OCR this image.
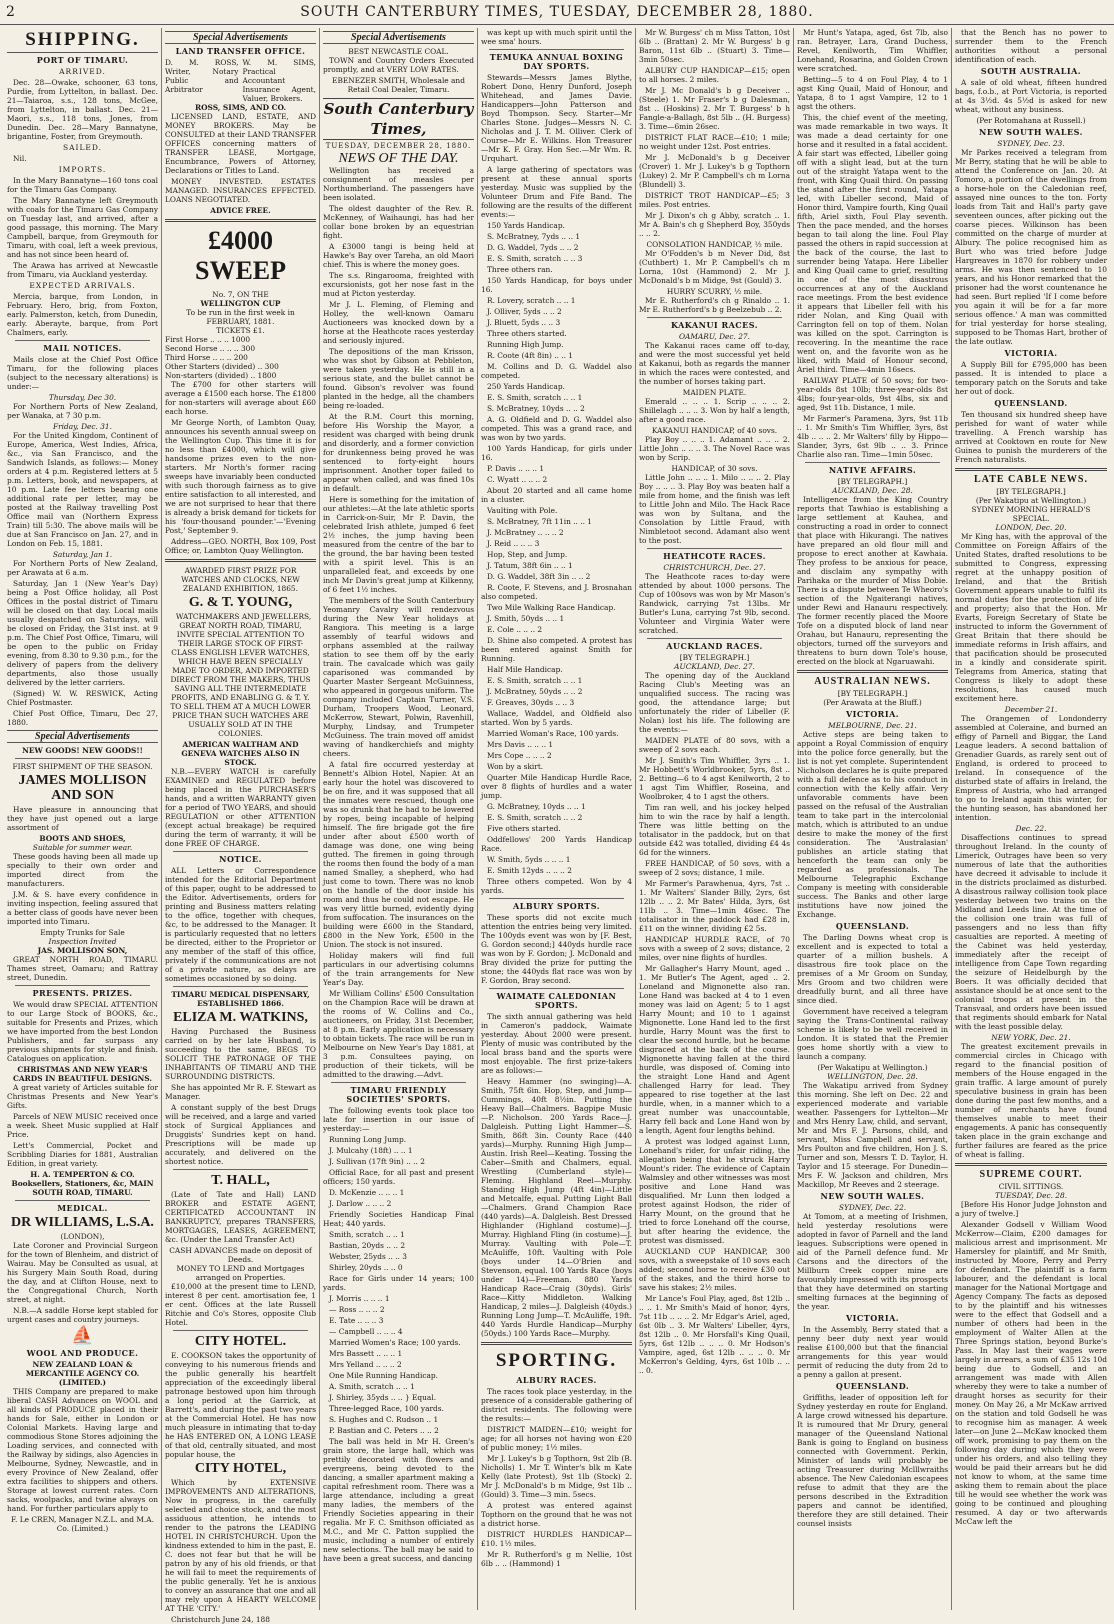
2	SOUTH CANTERBURY TIMES, TUESDAY, DECEMBER 28, 1880.
SHIPPING.
PORT OF TIMARU.
ARRIVED.

Dec. 28—Owake, schooner, 63 tons, Purdie, from Lyttelton, in ballast. Dec. 21—Taiaroa, s.s., 128 tons, McGee, from Lyttelton, in ballast. Dec. 21—Maori, s.s., 118 tons, Jones, from Dunedin. Dec. 28—Mary Bannatyne, brigantine, Foster, from Greymouth.

SAILED.

Nil.

IMPORTS.

In the Mary Bannatyne—160 tons coal for the Timaru Gas Company.

The Mary Bannatyne left Greymouth with coals for the Timaru Gas Company on Tuesday last, and arrived, after a good passage, this morning. The Mary Campbell, barque, from Greymouth for Timaru, with coal, left a week previous, and has not since been heard of.

The Arawa has arrived at Newcastle from Timaru, via Auckland yesterday.

EXPECTED ARRIVALS.

Mercia, barque, from London, in February. Hero, brig, from Foxton, early. Palmerston, ketch, from Dunedin, early. Aberayte, barque, from Port Chalmers, early.

MAIL NOTICES.

Mails close at the Chief Post Office Timaru, for the following places (subject to the necessary alterations) is under:—

Thursday, Dec 30.

For Northern Ports of New Zealand, per Wanaka, at 7 30 p.m.

Friday, Dec. 31.

For the United Kingdom, Continent of Europe, America, West Indies, Africa, &c., via San Francisco, and the Sandwich Islands, as follows:— Money orders at 4 p.m. Registered letters at 5 p.m. Letters, book, and newspapers, at 10 p.m. Late fee letters bearing one additional rate per letter, may be posted at the Railway travelling Post Office mail van (Northern Express Train) till 5:30. The above mails will be due at San Francisco on Jan. 27, and in London on Feb. 15, 1881.

Saturday, Jan 1.

For Northern Ports of New Zealand, per Arawata at 6 a.m.

Saturday, Jan 1 (New Year's Day) being a Post Office holiday, all Post Offices in the postal district of Timaru will be closed on that day. Local mails usually despatched on Saturdays, will be closed on Friday, the 31st inst. at 9 p.m. The Chief Post Office, Timaru, will be open to the public on Friday evening, from 8.30 to 9.30 p.m., for the delivery of papers from the delivery departments, also those usually delivered by the letter carriers.

(Signed) W. W. RESWICK, Acting Chief Postmaster.

Chief Post Office, Timaru, Dec 27, 1880.

Special Advertisements
NEW GOODS! NEW GOODS!!
FIRST SHIPMENT OF THE SEASON.
JAMES MOLLISON AND SON

Have pleasure in announcing that they have just opened out a large assortment of

BOOTS AND SHOES,
Suitable for summer wear.

These goods having been all made up specially to their own order and imported direct from the manufacturers.

J.M. & S. have every confidence in inviting inspection, feeling assured that a better class of goods have never been imported into Timaru.

Empty Trunks for Sale
Inspection Invited
JAS. MOLLISON SON,

GREAT NORTH ROAD, TIMARU. Thames street, Oamaru; and Rattray street, Dunedin.

PRESENTS. PRIZES.

We would draw SPECIAL ATTENTION to our Large Stock of BOOKS, &c., suitable for Presents and Prizes, which we have imported from the best London Publishers, and far surpass any previous shipments for style and finish. Catalogues on application.

CHRISTMAS AND NEW YEAR'S CARDS IN BEAUTIFUL DESIGNS.

A great variety of Articles suitable for Christmas Presents and New Year's Gifts.

Parcels of NEW MUSIC received once a week. Sheet Music supplied at Half Price.

Lett's Commercial, Pocket and Scribbling Diaries for 1881, Australian Edition, in great variety.

H. A. TEMPERTON & CO. Booksellers, Stationers, &c, MAIN SOUTH ROAD, TIMARU.
MEDICAL.
DR WILLIAMS, L.S.A.
(LONDON),

Late Coroner and Provincial Surgeon for the town of Blenheim, and district of Wairau. May be Consulted as usual, at his Surgery Main South Road, during the day, and at Clifton House, next to the Congregational Church, North street, at night.

N.B.—A saddle Horse kept stabled for urgent cases and country journeys.

⛵
WOOL AND PRODUCE.
NEW ZEALAND LOAN & MERCANTILE AGENCY CO. (LIMITED.)

THIS Company are prepared to make liberal CASH Advances on WOOL and all kinds of PRODUCE placed in their hands for Sale, either in London or Colonial Markets. Having large and commodious Stone Stores adjoining the Loading services, and connected with the Railway by sidings, also Agencies in Melbourne, Sydney, Newcastle, and in every Province of New Zealand, offer extra facilities to shippers and others. Storage at lowest current rates. Corn sacks, woolpacks, and twine always on hand. For further particulars apply to

F. Le CREN, Manager N.Z.L. and M.A. Co. (Limited.)
Special Advertisements
LAND TRANSFER OFFICE.
D. M. ROSS, Writer, Notary Public and Arbitrator
W. M. SIMS, Practical Accountant Insurance Agent, Valuer, Brokers.
ROSS, SIMS, AND CO.

LICENSED LAND, ESTATE, AND MONEY BROKERS. May be CONSULTED at their LAND TRANSFER OFFICES concerning matters of TRANSFER LEASE, Mortgage, Encumbrance, Powers of Attorney, Declarations or Titles to Land.

MONEY INVESTED. ESTATES MANAGED. INSURANCES EFFECTED. LOANS NEGOTIATED.

ADVICE FREE.
£4000 SWEEP
No. 7, ON THE
WELLINGTON CUP
To be run in the first week in FEBRUARY, 1881.
TICKETS £1.
First Horse .. .. .. 1000
Second Horse .. .. .. 300
Third Horse .. .. .. 200
Other Starters (divided) .. 300
Non-starters (divided) .. 1800

The £700 for other starters will average a £1500 each horse. The £1800 for non-starters will average about £60 each horse.

Mr George North, of Lambton Quay, announces his seventh annual sweep on the Wellington Cup. This time it is for no less than £4000, which will give handsome prizes even to the non-starters. Mr North's former racing sweeps have invariably been conducted with such thorough fairness as to give entire satisfaction to all interested, and we are not surprised to hear that there is already a brisk demand for tickets for his 'four-thousand pounder.'—'Evening Post,' September 9.

Address—GEO. NORTH, Box 109, Post Office; or, Lambton Quay Wellington.

AWARDED FIRST PRIZE FOR WATCHES AND CLOCKS, NEW ZEALAND EXHIBITION, 1865.
G. & T. YOUNG,

WATCHMAKERS AND JEWELLERS, GREAT NORTH ROAD, TIMARU, INVITE SPECIAL ATTENTION TO THEIR LARGE STOCK OF FIRST-CLASS ENGLISH LEVER WATCHES, WHICH HAVE BEEN SPECIALLY MADE TO ORDER, AND IMPORTED DIRECT FROM THE MAKERS, THUS SAVING ALL THE INTERMEDIATE PROFITS, AND ENABLING G. & T. Y. TO SELL THEM AT A MUCH LOWER PRICE THAN SUCH WATCHES ARE USUALLY SOLD AT IN THE COLONIES.

AMERICAN WALTHAM AND GENEVA WATCHES ALSO IN STOCK.

N.B.—EVERY WATCH is carefully EXAMINED and REGULATED before being placed in the PURCHASER'S hands, and a written WARRANTY given for a period of TWO YEARS, and should REGULATION or other ATTENTION (except actual breakage) be required during the term of warranty, it will be done FREE OF CHARGE.

NOTICE.

ALL Letters or Correspondence intended for the Editorial Department of this paper, ought to be addressed to the Editor. Advertisements, orders for printing and Business matters relating to the office, together with cheques, &c, to be addressed to the Manager. It is particularly requested that no letters be directed, either to the Proprietor or any member of the staff of this office, privately if the communications are not of a private nature, as delays are sometimes occasioned by so doing.

TIMARU MEDICAL DISPENSARY, ESTABLISHED 1866.
ELIZA M. WATKINS,

Having Purchased the Business carried on by her late Husband, is succeeding to the same, BEGS TO SOLICIT THE PATRONAGE OF THE INHABITANTS OF TIMARU AND THE SURROUNDING DISTRICTS.

She has appointed Mr R. F. Stewart as Manager.

A constant supply of the best Drugs will be received, and a large and varied stock of Surgical Appliances and Druggists' Sundries kept on hand. Prescriptions will be made up accurately, and delivered on the shortest notice.

T. HALL,

(Late of Tate and Hall) LAND BROKER and ESTATE AGENT, CERTIFICATED ACCOUNTANT IN BANKRUPTCY, prepares TRANSFERS, MORTGAGES, LEASES, AGREEMENT, &c. (Under the Land Transfer Act)

CASH ADVANCES made on deposit of Deeds.
MONEY TO LEND and Mortgages arranged on Properties.

£10,000 at the present time to LEND, interest 8 per cent. amortisation fee, 1 er cent. Offices at the late Russell Ritchie and Co's Stores, opposite Club Hotel.

CITY HOTEL.

E. COOKSON takes the opportunity of conveying to his numerous friends and the public generally his heartfelt appreciation of the exceedingly liberal patronage bestowed upon him through a long period at the Garrick, at Barrett's, and during the past two years at the Commercial Hotel. He has now much pleasure in intimating that to-day he HAS ENTERED ON, A LONG LEASE of that old, centrally situated, and most popular house, the

CITY HOTEL,

Which by EXTENSIVE IMPROVEMENTS AND ALTERATIONS, Now in progress, in the carefully selected and choice stock, and the most assiduous attention, he intends to render to the patrons the LEADING HOTEL IN CHRISTCHURCH. Upon the kindness extended to him in the past, E. C. does not fear but that he will be patron by any of his old friends, or that he will fail to meet the requirements of the public generally. Yet he is anxious to convey an assurance that one and all may rely upon A HEARTY WELCOME AT THE 'CITY.'

Christchurch June 24, 188

Special Advertisements
BEST NEWCASTLE COAL.

TOWN and Country Orders Executed promptly, and at VERY LOW RATES.

EBENEZER SMITH, Wholesale and Retail Coal Dealer, Timaru.
South Canterbury Times,
TUESDAY, DECEMBER 28, 1880.
NEWS OF THE DAY.

Wellington has received a consignment of measles per Northumberland. The passengers have been isolated.

The oldest daughter of the Rev. R. McKenney, of Waihaungi, has had her collar bone broken by an equestrian fight.

A £3000 tangi is being held at Hawke's Bay over Tareha, an old Maori chief. This is where the money goes.

The s.s. Ringarooma, freighted with excursionists, got her nose fast in the mud at Picton yesterday.

Mr J. L. Fleming, of Fleming and Holley, the well-known Oamaru Auctioneers was knocked down by a horse at the Heathcote races yesterday and seriously injured.

The depositions of the man Krisson, who was shot by Gibson at Pebbleton, were taken yesterday. He is still in a serious state, and the bullet cannot be found. Gibson's revolver was found planted in the hedge, all the chambers being re-loaded.

At the R.M. Court this morning, before His Worship the Mayor, a resident was charged with being drunk and disorderly, and a former conviction for drunkenness being proved he was sentenced to forty-eight hours imprisonment. Another toper failed to appear when called, and was fined 10s in default.

Here is something for the imitation of our athletes:—At the late athletic sports in Carrick-on-Suir, Mr P. Davin, the celebrated Irish athlete, jumped 6 feet 2½ inches, the jump having been measured from the centre of the bar to the ground, the bar having been tested with a spirit level. This is an unparalleled feat, and exceeds by one inch Mr Davin's great jump at Kilkenny, of 6 feet 1½ inches.

The members of the South Canterbury Yeomanry Cavalry will rendezvous during the New Year holidays at Rangiora. This meeting is a large assembly of tearful widows and orphans assembled at the railway station to see them off by the early train. The cavalcade which was gaily caparisoned was commanded by Quarter Master Sergeant McGuinness, who appeared in gorgeous uniform. The company included Captain Turner, V.S. Durham, Troopers Wood, Leonard, McKerrow, Stewart, Polwin, Ravenhill, Murphy, Lindsay, and Trumpeter McGuiness. The train moved off amidst waving of handkerchiefs and mighty cheers.

A fatal fire occurred yesterday at Bennett's Albion Hotel, Napier. At an early hour the hotel was discovered to be on fire, and it was supposed that all the inmates were rescued, though one was so drunk that he had to be lowered by ropes, being incapable of helping himself. The fire brigade got the fire under after about £500 worth of damage was done, one wing being gutted. The firemen in going through the rooms then found the body of a man named Smalley, a shepherd, who had just come to town. There was no knob on the handle of the door inside his room and thus he could not escape. He was very little burned, evidently dying from suffocation. The insurances on the building were £600 in the Standard, £800 in the New York, £500 in the Union. The stock is not insured.

Holiday makers will find full particulars in our advertising columns of the train arrangements for New Year's Day.

Mr William Collins' £500 Consultation on the Champion Race will be drawn at the rooms of W. Collins and Co., auctioneers, on Friday, 31st December, at 8 p.m. Early application is necessary to obtain tickets. The race will be run in Melbourne on New Year's Day 1881, at 3 p.m. Consultees paying, on production of their tickets, will be admitted to the drawing.—Advt.

TIMARU FRIENDLY SOCIETIES' SPORTS.

The following events took place too late for insertion in our issue of yesterday:—

Running Long Jump.

J. Mulcahy (18ft) .. .. 1

J. Sullivan (17ft 9in) .. .. 2

Official Race, for all past and present officers; 150 yards.

D. McKenzie .. .. .. 1

J. Darlow .. .. .. 2

Friendly Societies Handicap Final Heat; 440 yards.

Smith, scratch .. .. 1

Bastian, 20yds .. .. 2

Webster, 25yds .. .. 3

Shirley, 20yds .. .. 0

Race for Girls under 14 years; 100 yards.

J. Morris .. .. .. 1

— Ross .. .. .. 2

E. Tate .. .. .. 3

— Campbell .. .. .. 4

Married Women's Race; 100 yards.

Mrs Bassett .. .. .. 1

Mrs Yelland .. .. .. 2

One Mile Running Handicap.

A. Smith, scratch .. .. 1

J. Shirley, 35yds .. .. } Equal.

Three-legged Race, 100 yards.

S. Hughes and C. Rudson .. 1

P. Bastian and C. Peters .. .. 2

The ball was held in Mr H. Green's grain store, the large hall, which was prettily decorated with flowers and evergreens, being devoted to the dancing, a smaller apartment making a capital refreshment room. There was a large attendance, including a great many ladies, the members of the Friendly Societies appearing in their regalia. Mr F. C. Smithson officiated as M.C., and Mr C. Patton supplied the music, including a number of entirely new selections. The ball may be said to have been a great success, and dancing

was kept up with much spirit until the wee sma' hours.

TEMUKA ANNUAL BOXING DAY SPORTS.

Stewards—Messrs James Blythe, Robert Dono, Henry Dunford, Joseph Whitehead, and James Davie. Handicappers—John Patterson and Boyd Thompson. Secy. Starter—Mr Charles Stone. Judges—Messrs N. C. Nicholas and J. T. M. Olliver. Clerk of Course—Mr E. Wilkins. Hon Treasurer—Mr K. F. Gray. Hon Sec.—Mr Wm. R. Urquhart.

A large gathering of spectators was present at these annual sports yesterday. Music was supplied by the Volunteer Drum and Fife Band. The following are the results of the different events:—

150 Yards Handicap.

S. McBratney, 7yds .. .. 1

D. G. Waddel, 7yds .. .. 2

E. S. Smith, scratch .. .. 3

Three others ran.

150 Yards Handicap, for boys under 16.

R. Lovery, scratch .. .. 1

J. Olliver, 5yds .. .. 2

J. Bluett, 5yds .. .. 3

Three others started.

Running High Jump.

R. Coote (4ft 8in) .. .. 1

M. Collins and D. G. Waddel also competed.

250 Yards Handicap.

E. S. Smith, scratch .. .. 1

S. McBratney, 10yds .. .. 2

A. G. Oldfield and D. G. Waddel also competed. This was a grand race, and was won by two yards.

100 Yards Handicap, for girls under 16.

P. Davis .. .. .. 1

C. Wyatt .. .. .. 2

About 20 started and all came home in a cluster.

Vaulting with Pole.

S. McBratney, 7ft 11in .. .. 1

J. McBratney .. .. .. 2

J. Reid .. .. .. 3

Hop, Step, and Jump.

J. Tatum, 38ft 6in .. .. 1

D. G. Waddel, 38ft 3in .. .. 2

R. Coote, F. Stevens, and J. Brosnahan also competed.

Two Mile Walking Race Handicap.

J. Smith, 50yds .. .. 1

E. Cole .. .. .. 2

D. Shine also competed. A protest has been entered against Smith for Running.

Half Mile Handicap.

E. S. Smith, scratch .. .. 1

J. McBratney, 50yds .. .. 2

F. Greaves, 30yds .. .. 3

Wallace, Waddel, and Oldfield also started. Won by 5 yards.

Married Woman's Race, 100 yards.

Mrs Davis .. .. .. 1

Mrs Cope .. .. .. 2

Won by a skirt.

Quarter Mile Handicap Hurdle Race, over 8 flights of hurdles and a water jump.

G. McBratney, 10yds .. .. 1

E. S. Smith, scratch .. .. 2

Five others started.

Oddfellows' 200 Yards Handicap Race.

W. Smith, 5yds .. .. .. 1

E. Smith 12yds .. .. .. 2

Three others competed. Won by 4 yards.

ALBURY SPORTS.

These sports did not excite much attention the entries being very limited. The 100yds event was won by [F. Best, G. Gordon second;] 440yds hurdle race was won by F. Gordon; J. McDonald and Bray divided the prize for putting the stone; the 440yds flat race was won by F. Gordon, Bray second.

WAIMATE CALEDONIAN SPORTS.

The sixth annual gathering was held in Cameron's paddock, Waimate yesterday. About 2000 were present. Plenty of music was contributed by the local brass band and the sports were most enjoyable. The first prize-takers are as follows:—

Heavy Hammer (no swinging)—A. Smith, 75ft 6in. Hop, Step, and Jump—Cummings, 40ft 8½in. Putting the Heavy Ball—Chalmers. Bagpipe Music—P. Nicholson. 200 Yards Race—J. Dalgleish. Putting Light Hammer—S. Smith, 86ft 3in. County Race (440 yards)—Murphy. Running High Jump—Austin. Irish Reel—Keating. Tossing the Caber—Smith and Chalmers, equal. Wrestling (Cumberland style)—Fleming. Highland Reel—Murphy. Standing High Jump (4ft 4in)—Little and Metcalfe, equal. Putting Light Ball—Chalmers. Grand Champion Race (440 yards)—A. Dalgleish. Best Dressed Highlander (Highland costume)—J. Murray. Highland Fling (in costume)—J. Murray. Vaulting with Pole—T. McAuliffe, 10ft. Vaulting with Pole (boys under 14—O'Brien and Stevenson, equal. 100 Yards Race (boys under 14)—Freeman. 880 Yards Handicap Race—Craig (30yds). Girls' Race—Kitty Middleton. Walking Handicap, 2 miles—J. Dalgleish (40yds.) Running Long Jump—T. McAuliffe, 19ft. 440 Yards Hurdle Handicap—Murphy (50yds.) 100 Yards Race—Murphy.

SPORTING.
ALBURY RACES.

The races took place yesterday, in the presence of a considerable gathering of district residents. The following were the results:—

DISTRICT MAIDEN—£10; weight for age; for all horses not having won £20 of public money; 1½ miles.

Mr J. Lukey's b g Topthorn, 9st 2lb (B. Nicholls) 1. Mr T. Winter's blk m Kate Kelly (late Protest), 9st 1lb (Stock) 2. Mr J. McDonald's b m Midge, 9st 1lb .. (Gould) 3. Time—3 min. 5secs.

A protest was entered against Topthorn on the ground that he was not a district horse.

DISTRICT HURDLES HANDICAP—£10. 1½ miles.

Mr R. Rutherford's g m Nellie, 10st 6lb .. .. (Hammond) 1

Mr W. Burgess' ch m Miss Tatton, 10st 6lb .. (Brattan) 2. Mr W. Burgess' b g Baron, 11st 6lb .. (Stuart) 3. Time—3min 50sec.

ALBURY CUP HANDICAP—£15; open to all horses. 2 miles.

Mr J. Mc Donald's b g Deceiver .. (Steele) 1. Mr Fraser's b g Dalesman, 8st .. (Hoskins) 2. Mr T. Burgess' b h Fangle-a-Ballagh, 8st 5lb .. (H. Burgess) 3. Time—6min 26sec.

DISTRICT FLAT RACE—£10; 1 mile; no weight under 12st. Post entries.

Mr J. McDonald's b g Deceiver (Crover) 1. Mr J. Lukey's b g Topthorn (Lukey) 2. Mr P. Campbell's ch m Lorna (Blundell) 3.

DISTRICT TROT HANDICAP—£5; 3 miles. Post entries.

Mr J. Dixon's ch g Abby, scratch .. 1. Mr A. Bain's ch g Shepherd Boy, 350yds .. .. 2.

CONSOLATION HANDICAP, ½ mile.

Mr O'Fodden's b m Never Did, 8st (Cuthbert) 1. Mr P. Campbell's ch m Lorna, 10st (Hammond) 2. Mr J. McDonald's b m Midge, 9st (Gould) 3.

HURRY SCURRY, ½ mile.

Mr E. Rutherford's ch g Rinaldo .. 1. Mr E. Rutherford's b g Beelzebub .. 2.

KAKANUI RACES.
OAMARU, Dec. 27.

The Kakanui races came off to-day, and were the most successful yet held at Kakanui, both as regards the manner in which the races were contested, and the number of horses taking part.

MAIDEN PLATE.

Emerald .. .. .. 1. Scrip .. .. .. 2. Shillelagh .. .. .. 3. Won by half a length, after a good race.

KAKANUI HANDICAP, of 40 sovs.

Play Boy .. .. .. 1. Adamant .. .. .. 2. Little John .. .. .. 3. The Novel Race was won by Scrip.

HANDICAP, of 30 sovs.

Little John .. .. .. 1. Milo .. .. .. 2. Play Boy .. .. .. 3. Play Boy was beaten half a mile from home, and the finish was left to Little John and Milo. The Hack Race was won by Sultana, and the Consolation by Little Fraud, with Nimbletoot second. Adamant also went to the post.

HEATHCOTE RACES.
CHRISTCHURCH, Dec. 27.

The Heathcote races to-day were attended by about 1000 persons. The Cup of 100sovs was won by Mr Mason's Randwick, carrying 7st 13lbs. Mr Butler's Luna, carrying 7st 9lb, second. Volunteer and Virginia Water were scratched.

AUCKLAND RACES.
[BY TELEGRAPH.]
AUCKLAND, Dec. 27.

The opening day of the Auckland Racing Club's Meeting was an unqualified success. The racing was good, the attendance large; but unfortunately the rider of Libeller (F. Nolan) lost his life. The following are the events:—

MAIDEN PLATE of 80 sovs, with a sweep of 2 sovs each.

Mr J. Smith's Tim Whiffler, 3yrs .. 1. Mr Hobbett's Worldbrooker, 5yrs, 8st .. 2. Betting—6 to 4 agst Kenilworth, 2 to 1 agst Tim Whiffler, Roseina, and Woolbroker, 4 to 1 agst the others.

Tim ran well, and his jockey helped him to win the race by half a length. There was little betting on the totalisator in the paddock, but on that outside £42 was totalled, dividing £4 4s 6d for the winners.

FREE HANDICAP, of 50 sovs, with a sweep of 2 sovs; distance, 1 mile.

Mr Farmer's Parawhenua, 4yrs, 7st .. 1. Mr Walters' Slander Billy, 2yrs, 6st 12lb .. .. 2. Mr Bates' Hilda, 3yrs, 6st 11lb .. 3. Time—1min 46sec. The totalisator in the paddock had £28 in, £11 on the winner, dividing £2 5s.

HANDICAP HURDLE RACE, of 70 sovs with a sweep of 2 sovs; distance, 2 miles, over nine flights of hurdles.

Mr Gallagher's Harry Mount, aged .. 1. Mr Butler's The Agent, aged .. 2. Loneland and Mignonette also ran. Lone Hand was backed at 4 to 1 even money was laid on Agent; 5 to 1 agst Harry Mount; and 10 to 1 against Mignonette. Lone Hand led to the first hurdle, Harry Mount was the first to clear the second hurdle, but he became disgraced at the back of the course. Mignonette having fallen at the third hurdle, was disposed of. Coming into the straight Lone Hand and Agent challenged Harry for lead. They appeared to rise together at the last hurdle, when, in a manner which to a great number was unaccountable, Harry fell back and Lone Hand won by a length, Agent four lengths behind.

A protest was lodged against Lunn, Lonehand's rider, for unfair riding, the allegation being that he struck Harry Mount's rider. The evidence of Captain Walmsley and other witnesses was most positive and Lone Hand was disqualified. Mr Lunn then lodged a protest against Hodson, the rider of Harry Mount, on the ground that he tried to force Lonehand off the course, but after hearing the evidence, the protest was dismissed.

AUCKLAND CUP HANDICAP, 300 sovs, with a sweepstake of 10 sovs each added; second horse to receive £30 out of the stakes, and the third horse to save his stakes; 2½ miles.

Mr Lance's Foul Play, aged, 8st 12lb .. .. .. 1. Mr Smith's Maid of honor, 4yrs, 7st 11b .. .. .. 2. Mr Edgar's Ariel, aged, 6st 0lb .. 3. Mr Walters' Libeller, 4yrs, 8st 12lb .. 0. Mr Horsfall's King Quail, 5yrs, 6st 12lb .. .. .. 0. Mr Hodson's Vampire, aged, 6st 12lb .. .. .. 0. Mr McKerron's Gelding, 4yrs, 6st 10lb .. .. .. 0.

Mr Hunt's Yatapa, aged, 6st 7lb, also ran. Betrayer, Lara, Grand Duchess, Revel, Kenilworth, Tim Whiffler, Lonehand, Rosarina, and Golden Crown were scratched.

Betting—5 to 4 on Foul Play, 4 to 1 agst King Quail, Maid of Honour, and Yatapa, 8 to 1 agst Vampire, 12 to 1 agst the others.

This, the chief event of the meeting, was made remarkable in two ways. It was made a dead certainty for one horse and it resulted in a fatal accident. A fair start was effected, Libeller going off with a slight lead, but at the turn out of the straight Yatapa went to the front, with King Quail third. On passing the stand after the first round, Yatapa led, with Libeller second, Maid of Honor third, Vampire fourth, King Quail fifth, Ariel sixth, Foul Play seventh. Then the pace mended, and the horses began to tail along the line. Foul Play passed the others in rapid succession at the back of the course, the last to surrender being Yatapa. Here Libeller and King Quail came to grief, resulting in one of the most disastrous occurrences at any of the Auckland race meetings. From the best evidence it appears that Libeller fell with his rider Nolan, and King Quail with Carrington fell on top of them. Nolan was killed on the spot. Carrington is recovering. In the meantime the race went on, and the favorite won as he liked, with Maid of Honour second, Ariel third. Time—4min 16secs.

RAILWAY PLATE of 50 sovs; for two-year-olds 8st 10lb; three-year-olds 8st 4lbs; four-year-olds, 9st 4lbs, six and aged, 9st 11b. Distance, 1 mile.

Mr Farmer's Paramena, 3yrs, 9st 11b .. 1. Mr Smith's Tim Whiffler, 3yrs, 8st 4lb .. .. .. 2. Mr Walters' filly by Hippo—Slander, 3yrs, 6st 9lb .. .. 3. Prince Charlie also ran. Time—1min 50sec.

NATIVE AFFAIRS.
[BY TELEGRAPH.]
AUCKLAND, Dec. 28.

Intelligence from the King Country reports that Tawhiao is establishing a large settlement at Kauhea, and constructing a road in order to connect that place with Hikurangi. The natives have prepared an old flour mill and propose to erect another at Kawhaia. They profess to be anxious for peace, and disclaim any sympathy with Parihaka or the murder of Miss Dobie. There is a dispute between Te Wheoro's section of the Ngaiterangi natives, under Rewi and Hanauru respectively. The former recently placed the Moore Tofe on a disputed block of land near Orahau, but Hanauru, representing the objectors, turned off the surveyors and threatens to burn down Tole's house, erected on the block at Ngaruawahi.

AUSTRALIAN NEWS.
[BY TELEGRAPH.]
(Per Arawata at the Bluff.)
VICTORIA.
MELBOURNE, Dec. 21.

Active steps are being taken to appoint a Royal Commission of enquiry into the police force generally, but the list is not yet complete. Superintendent Nicholson declares he is quite prepared with a full defence as to his conduct in connection with the Kelly affair. Very unfavorable comments have been passed on the refusal of the Australian team to take part in the intercolonial match, which is attributed to an undue desire to make the money of the first consideration. The 'Australasian' publishes an article stating that henceforth the team can only be regarded as professionals. The Melbourne Telegraphic Exchange Company is meeting with considerable success. The Banks and other large institutions have now joined the Exchange.

QUEENSLAND.

The Darling Downs wheat crop is excellent and is expected to total a quarter of a million bushels. A disastrous fire took place on the premises of a Mr Groom on Sunday, Mrs Groom and two children were dreadfully burnt, and all three have since died.

Government have received a telegram saying the Trans-Continental railway scheme is likely to be well received in London. It is stated that the Premier goes home shortly with a view to launch a company.

(Per Wakatipu at Wellington.)
WELLINGTON, Dec. 28.

The Wakatipu arrived from Sydney this morning. She left on Dec. 22 and experienced moderate and variable weather. Passengers for Lyttelton—Mr and Mrs Henry Law, child, and servant, Mr and Mrs F. J. Parsons, child, and servant, Miss Campbell and servant, Mrs Poulton and five children, Hon J. S. Turner and son, Messrs T. D. Taylor, H. Taylor and 15 steerage. For Dunedin—Mrs F. W. Jackson and children, Mrs Mackillop, Mr Reeves and 2 steerage.

NEW SOUTH WALES.
SYDNEY, Dec. 22.

At Tomom, at a meeting of Irishmen, held yesterday resolutions were adopted in favor of Parnell and the land leagues. Subscriptions were opened in aid of the Parnell defence fund. Mr Carsons and the directors of the Millburn Creek copper mine are favourably impressed with its prospects that they have determined on starting smelting furnaces at the beginning of the year.

VICTORIA.

In the Assembly, Berry stated that a penny beer duty next year would realise £100,000 but that the financial arrangements for this year would permit of reducing the duty from 2d to a penny a gallon at present.

QUEENSLAND.

Griffiths, leader of opposition left for Sydney yesterday en route for England. A large crowd witnessed his departure. It is rumoured that Mr Drury, general manager of the Queensland National Bank is going to England on business connected with Government. Perkin, Minister of lands will probably be acting Treasurer during Mclllwraiths absence. The New Caledonian escapees refuse to admit that they are the persons described in the Extradition papers and cannot be identified, therefore they are still detained. Their counsel insists

that the Bench has no power to surrender them to the French authorities without a personal identification of each.

SOUTH AUSTRALIA.

A sale of old wheat, fifteen hundred bags, f.o.b., at Port Victoria, is reported at 4s 3½d. 4s 5½d is asked for new wheat, without any business.

(Per Rotomahana at Russell.)
NEW SOUTH WALES.
SYDNEY, Dec. 23.

Mr Parkes received a telegram from Mr Berry, stating that he will be able to attend the Conference on Jan. 20. At Tomoro, a portion of the dwellings from a horse-hole on the Caledonian reef, assayed nine ounces to the ton. Forty loads from Tait and Hall's party gave seventeen ounces, after picking out the coarse pieces. Wilkinson has been committed on the charge of murder at Albury. The police recognised him as Burt who was tried before Judge Hargreaves in 1870 for robbery under arms. He was then sentenced to 10 years, and his Honor remarked that the prisoner had the worst countenance he had seen. Burt replied 'If I come before you again it will be for a far more serious offence.' A man was committed for trial yesterday for horse stealing, supposed to be Thomas Hart, brother of the late outlaw.

VICTORIA.

A Supply Bill for £795,000 has been passed. It is intended to place a temporary patch on the Soruts and take her out of dock.

QUEENSLAND.

Ten thousand six hundred sheep have perished for want of water while travelling. A French warship has arrived at Cooktown en route for New Guinea to punish the murderers of the French naturalists.

LATE CABLE NEWS.
[BY TELEGRAPH.]
(Per Wakatipu at Wellington.)
SYDNEY MORNING HERALD'S SPECIAL.
LONDON, Dec. 20.

Mr King has, with the approval of the Committee on Foreign Affairs of the United States, drafted resolutions to be submitted to Congress, expressing regret at the unhappy position of Ireland, and that the British Government appears unable to fulfil its normal duties for the protection of life and property; also that the Hon. Mr Evarts, Foreign Secretary of State be instructed to inform the Government of Great Britain that there should be immediate reforms in Irish affairs, and that pacification should be prosecuted in a kindly and considerate spirit. Telegrams from America, stating that Congress is likely to adopt these resolutions, has caused much excitement here.

December 21.

The Orangemen of Londonderry assembled at Coleraine, and burned an effigy of Parnell and Biggar, the Land League leaders. A second battalion of Grenadier Guards, as rarely sent out of England, is ordered to proceed to Ireland. In consequence of the disturbed state of affairs in Ireland, the Empress of Austria, who had arranged to go to Ireland again this winter, for the hunting season, has abandoned her intention.

Dec. 22.

Disaffections continues to spread throughout Ireland. In the county of Limerick, Outrages have been so very numerous of late that the authorities have decreed it advisable to include it in the districts proclaimed as disturbed. A disastrous railway collision took place yesterday between two trains on the Midland and Leeds line. At the time of the collision one train was full of passengers and no less than fifty casualties are reported. A meeting of the Cabinet was held yesterday, immediately after the receipt of intelligence from Cape Town regarding the seizure of Heidelburgh by the Boers. It was officially decided that assistance should be at once sent to the colonial troops at present in the Transvaal, and orders have been issued that regiments should embark for Natal with the least possible delay.

NEW YORK, Dec. 21.

The greatest excitement prevails in commercial circles in Chicago with regard to the financial position of members of the House engaged in the grain traffic. A large amount of purely speculative business in grain has been done during the past few months, and a number of merchants have found themselves unable to meet their engagements. A panic has consequently taken place in the grain exchange and further failures are feared as the price of wheat is falling.

SUPREME COURT.
CIVIL SITTINGS.
TUESDAY, Dec. 28.

[Before His Honor Judge Johnston and a jury of twelve.]

Alexander Godsell v William Wood McKerrow—Claim, £200 damages for malicious arrest and imprisonment. Mr Hamersley for plaintiff, and Mr Smith, instructed by Moore, Perry and Perry for defendant. The plaintiff is a farm labourer, and the defendant is local manager for the National Mortgage and Agency Company. The facts as deposed to by the plaintiff and his witnesses were to the effect that Godsell and a number of others had been in the employment of Walter Allen at the Three Springs station, beyond Burke's Pass. In May last their wages were largely in arrears, a sum of £35 12s 10d being due to Godsell, and an arrangement was made with Allen whereby they were to take a number of draught horses as security for their money. On May 26, a Mr McKaw arrived on the station and told Godsell he was to recognise him as manager. A week later—on June 2—McKaw knocked them off work, promising to pay them on the following day during which they were under his orders, and also telling they would be paid their arrears but he did not know to whom, at the same time asking them to remain about the place till he would see whether the work was going to be continued and ploughing resumed. A day or two afterwards McCaw left the
